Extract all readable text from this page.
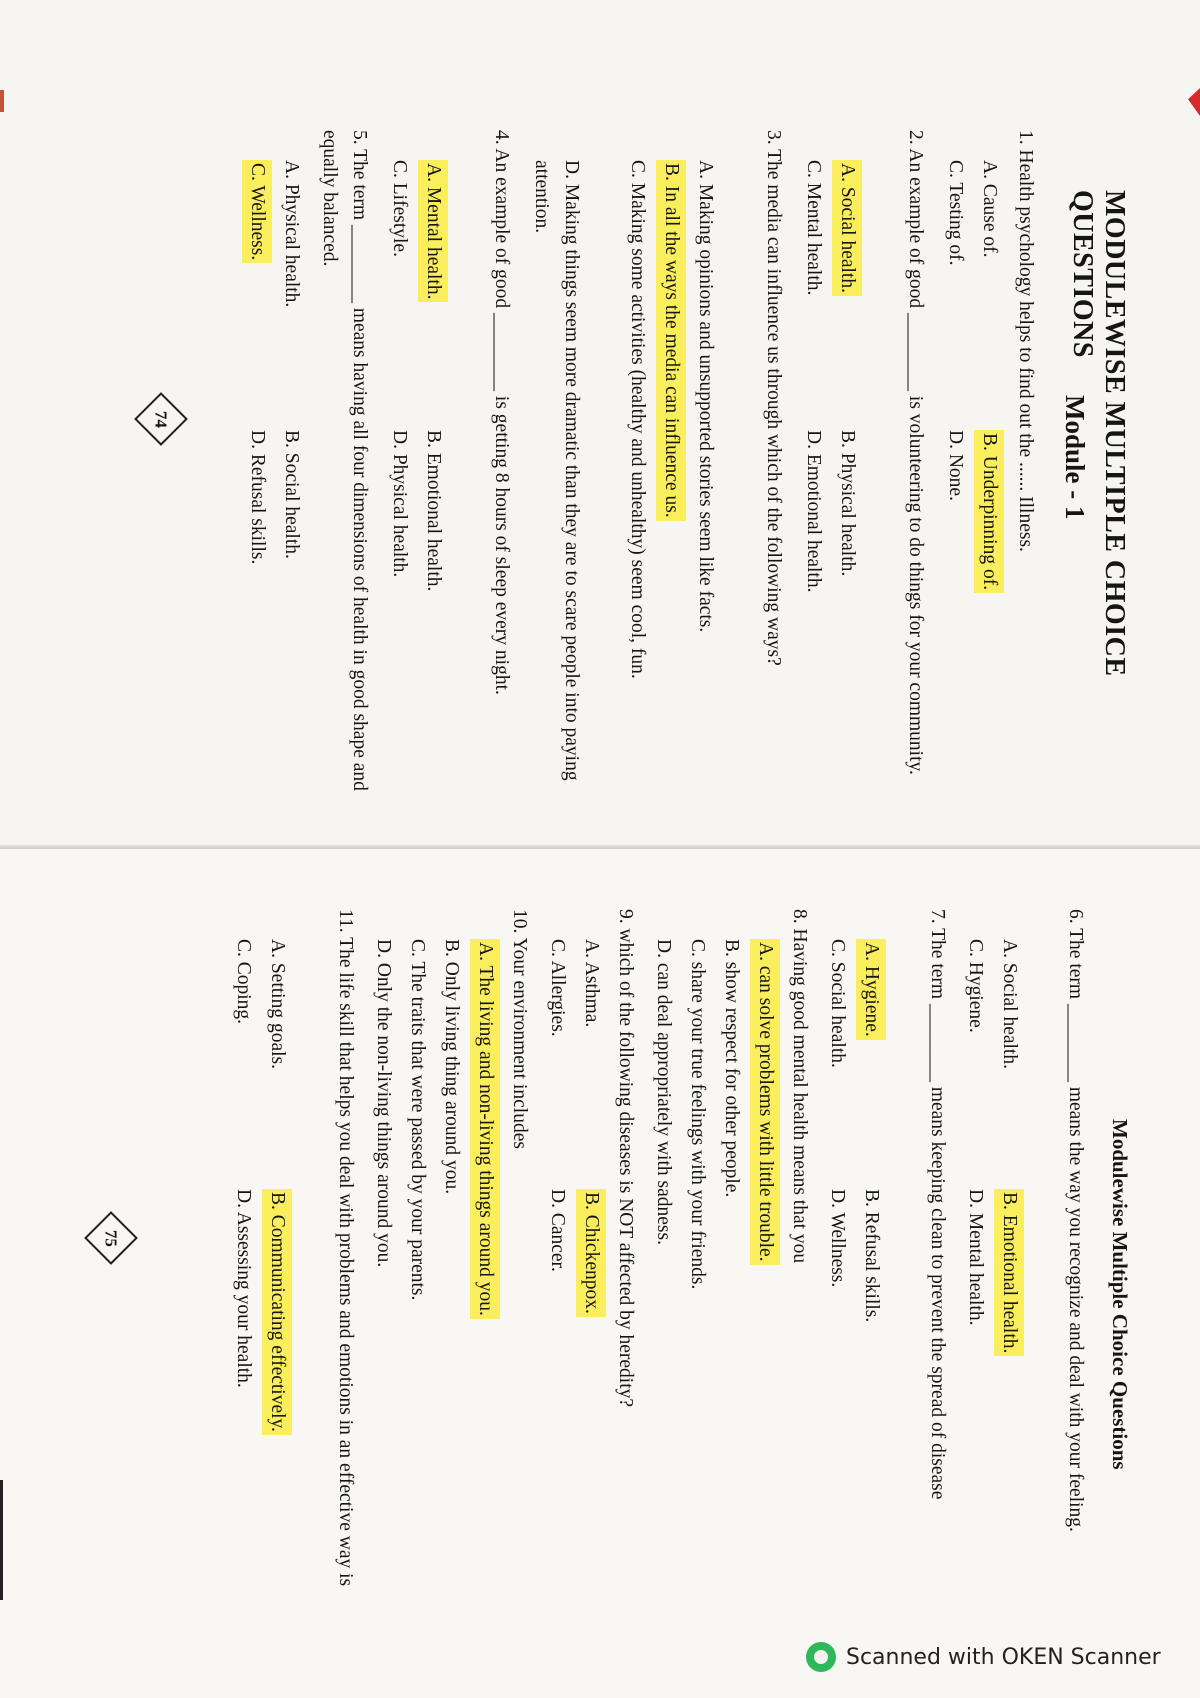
MODULEWISE MULTIPLE CHOICE QUESTIONS
Module - 1
1. Health psychology helps to find out the ...... Illness.
A. Cause of.
B. Underpinning of.
C. Testing of.
D. None.
2. An example of good ________ is volunteering to do things for your community.
A. Social health.
B. Physical health.
C. Mental health.
D. Emotional health.
3. The media can influence us through which of the following ways?
A. Making opinions and unsupported stories seem like facts.
B. In all the ways the media can influence us.
C. Making some activities (healthy and unhealthy) seem cool, fun.
D. Making things seem more dramatic than they are to scare people into paying attention.
4. An example of good ________ is getting 8 hours of sleep every night.
A. Mental health.
B. Emotional health.
C. Lifestyle.
D. Physical health.
5. The term ________ means having all four dimensions of health in good shape and equally balanced.
A. Physical health.
B. Social health.
C. Wellness.
D. Refusal skills.
74
Modulewise Multiple Choice Questions
6. The term ________ means the way you recognize and deal with your feeling.
A. Social health.
B. Emotional health.
C. Hygiene.
D. Mental health.
7. The term ________ means keeping clean to prevent the spread of disease
A. Hygiene.
B. Refusal skills.
C. Social health.
D. Wellness.
8. Having good mental health means that you
A. can solve problems with little trouble.
B. show respect for other people.
C. share your true feelings with your friends.
D. can deal appropriately with sadness.
9. which of the following diseases is NOT affected by heredity?
A. Asthma.
B. Chickenpox.
C. Allergies.
D. Cancer.
10. Your environment includes
A. The living and non-living things around you.
B. Only living thing around you.
C. The traits that were passed by your parents.
D. Only the non-living things around you.
11. The life skill that helps you deal with problems and emotions in an effective way is
A. Setting goals.
B. Communicating effectively.
C. Coping.
D. Assessing your health.
75
Scanned with OKEN Scanner
